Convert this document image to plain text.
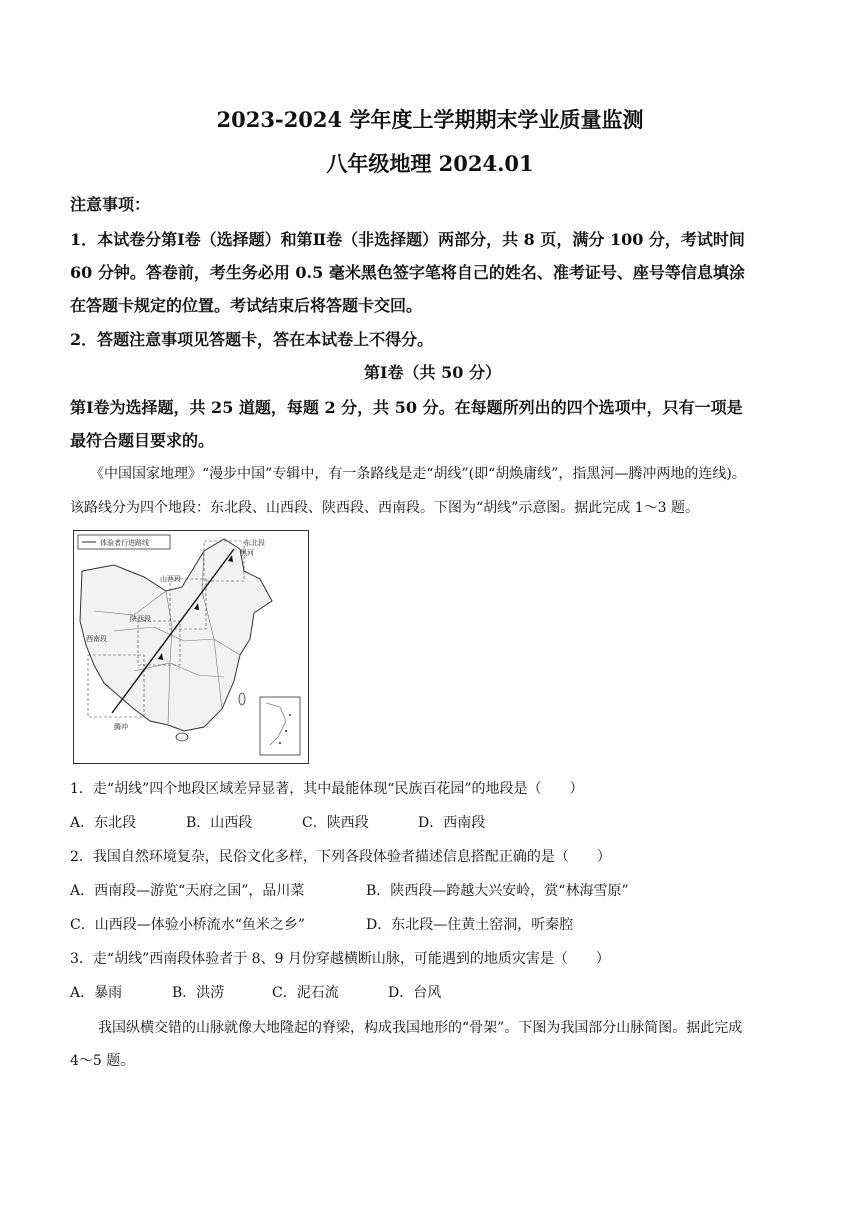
2023-2024 学年度上学期期末学业质量监测
八年级地理 2024.01
注意事项：
1．本试卷分第Ⅰ卷（选择题）和第Ⅱ卷（非选择题）两部分，共 8 页，满分 100 分，考试时间
60 分钟。答卷前，考生务必用 0.5 毫米黑色签字笔将自己的姓名、准考证号、座号等信息填涂
在答题卡规定的位置。考试结束后将答题卡交回。
2．答题注意事项见答题卡，答在本试卷上不得分。
第Ⅰ卷（共 50 分）
第Ⅰ卷为选择题，共 25 道题，每题 2 分，共 50 分。在每题所列出的四个选项中，只有一项是
最符合题目要求的。
《中国国家地理》“漫步中国”专辑中，有一条路线是走“胡线”(即“胡焕庸线”，指黑河—腾冲两地的连线)。
该路线分为四个地段：东北段、山西段、陕西段、西南段。下图为“胡线”示意图。据此完成 1～3 题。
体验者行进路线	东北段
黑河
山西段
陕西段
西南段
腾冲
1．走“胡线”四个地段区域差异显著，其中最能体现“民族百花园”的地段是（　　）
A．东北段	B．山西段	C．陕西段	D．西南段
2．我国自然环境复杂，民俗文化多样，下列各段体验者描述信息搭配正确的是（　　）
A．西南段—游览“天府之国”，品川菜	B．陕西段—跨越大兴安岭，赏“林海雪原”
C．山西段—体验小桥流水“鱼米之乡”	D．东北段—住黄土窑洞，听秦腔
3．走“胡线”西南段体验者于 8、9 月份穿越横断山脉，可能遇到的地质灾害是（　　）
A．暴雨	B．洪涝	C．泥石流	D．台风
我国纵横交错的山脉就像大地隆起的脊梁，构成我国地形的“骨架”。下图为我国部分山脉简图。据此完成
4～5 题。
